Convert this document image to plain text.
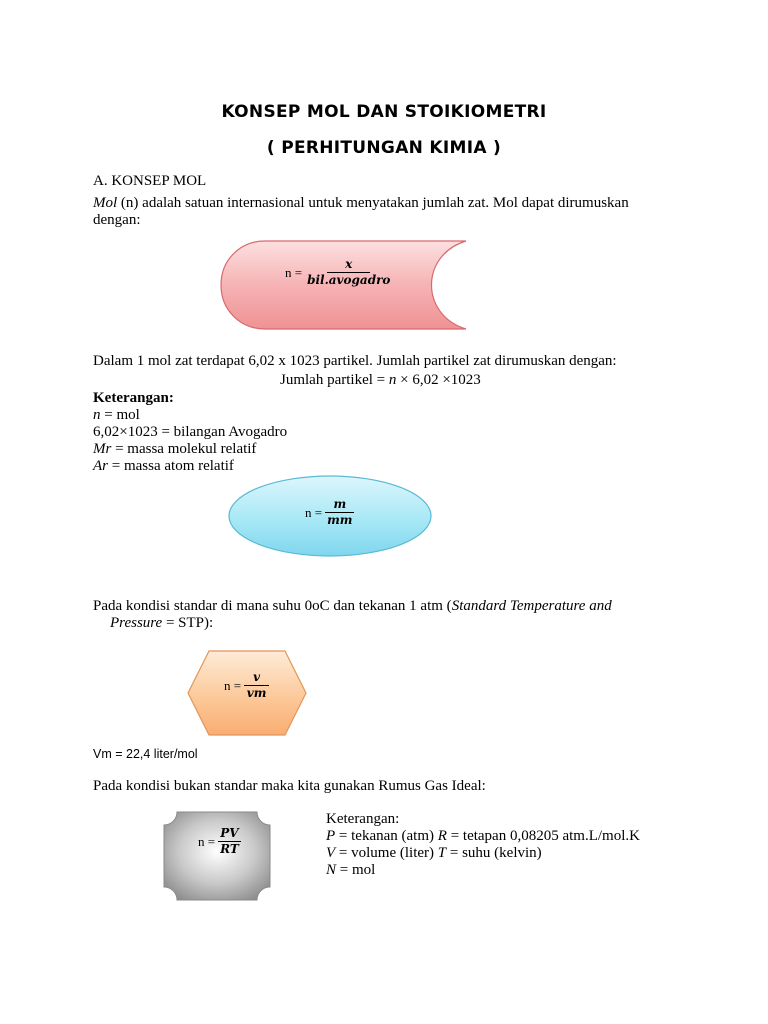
KONSEP MOL DAN STOIKIOMETRI
( PERHITUNGAN KIMIA )
A. KONSEP MOL
Mol (n) adalah satuan internasional untuk menyatakan jumlah zat. Mol dapat dirumuskan
dengan:
$n = \frac{x}{\text{bil.avogadro}}$
Dalam 1 mol zat terdapat 6,02 x 1023 partikel. Jumlah partikel zat dirumuskan dengan:
Jumlah partikel = n × 6,02 ×1023
Keterangan:
n = mol
6,02×1023 = bilangan Avogadro
Mr = massa molekul relatif
Ar = massa atom relatif
$n = \frac{m}{mm}$
Pada kondisi standar di mana suhu 0oC dan tekanan 1 atm (Standard Temperature and
Pressure = STP):
$n = \frac{v}{vm}$
Vm = 22,4 liter/mol
Pada kondisi bukan standar maka kita gunakan Rumus Gas Ideal:
$n = \frac{PV}{RT}$
Keterangan:
P = tekanan (atm) R = tetapan 0,08205 atm.L/mol.K
V = volume (liter) T = suhu (kelvin)
N = mol
